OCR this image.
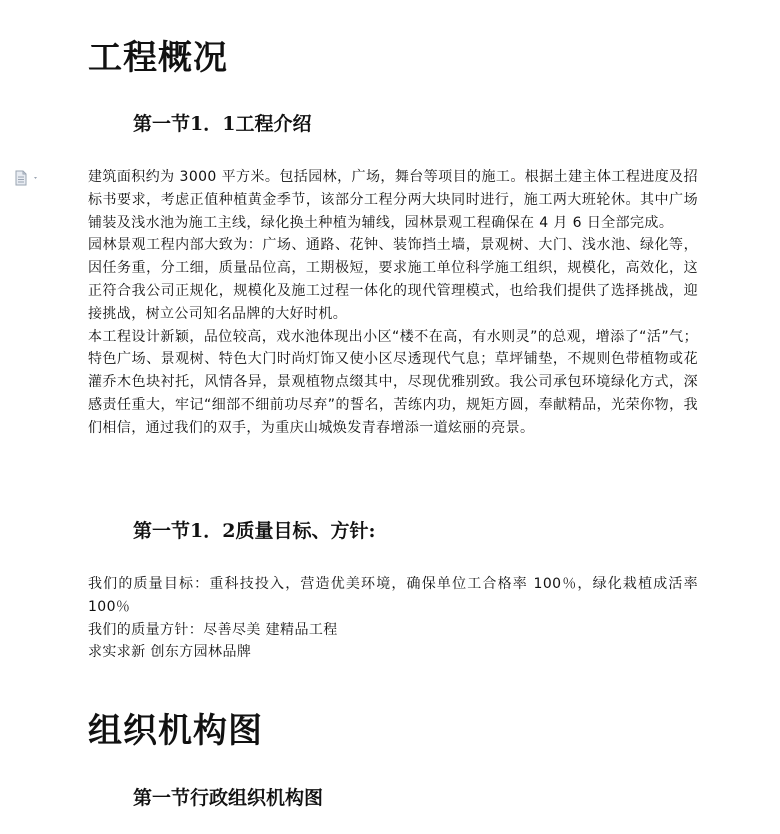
工程概况
第一节1．1工程介绍

建筑面积约为 3000 平方米。包括园林，广场，舞台等项目的施工。根据土建主体工程进度及招标书要求，考虑正值种植黄金季节，该部分工程分两大块同时进行，施工两大班轮休。其中广场铺装及浅水池为施工主线，绿化换土种植为辅线，园林景观工程确保在 4 月 6 日全部完成。

园林景观工程内部大致为：广场、通路、花钟、装饰挡土墙，景观树、大门、浅水池、绿化等，因任务重，分工细，质量品位高，工期极短，要求施工单位科学施工组织，规模化，高效化，这正符合我公司正规化，规模化及施工过程一体化的现代管理模式，也给我们提供了选择挑战，迎接挑战，树立公司知名品牌的大好时机。

本工程设计新颖，品位较高，戏水池体现出小区“楼不在高，有水则灵”的总观，增添了“活”气；特色广场、景观树、特色大门时尚灯饰又使小区尽透现代气息；草坪铺垫，不规则色带植物或花灌乔木色块衬托，风情各异，景观植物点缀其中，尽现优雅别致。我公司承包环境绿化方式，深感责任重大，牢记“细部不细前功尽弃”的誓名，苦练内功，规矩方圆，奉献精品，光荣你物，我们相信，通过我们的双手，为重庆山城焕发青春增添一道炫丽的亮景。

第一节1．2质量目标、方针:

我们的质量目标：重科技投入，营造优美环境，确保单位工合格率 100％，绿化栽植成活率 100％

我们的质量方针：尽善尽美 建精品工程

求实求新 创东方园林品牌

组织机构图
第一节行政组织机构图
